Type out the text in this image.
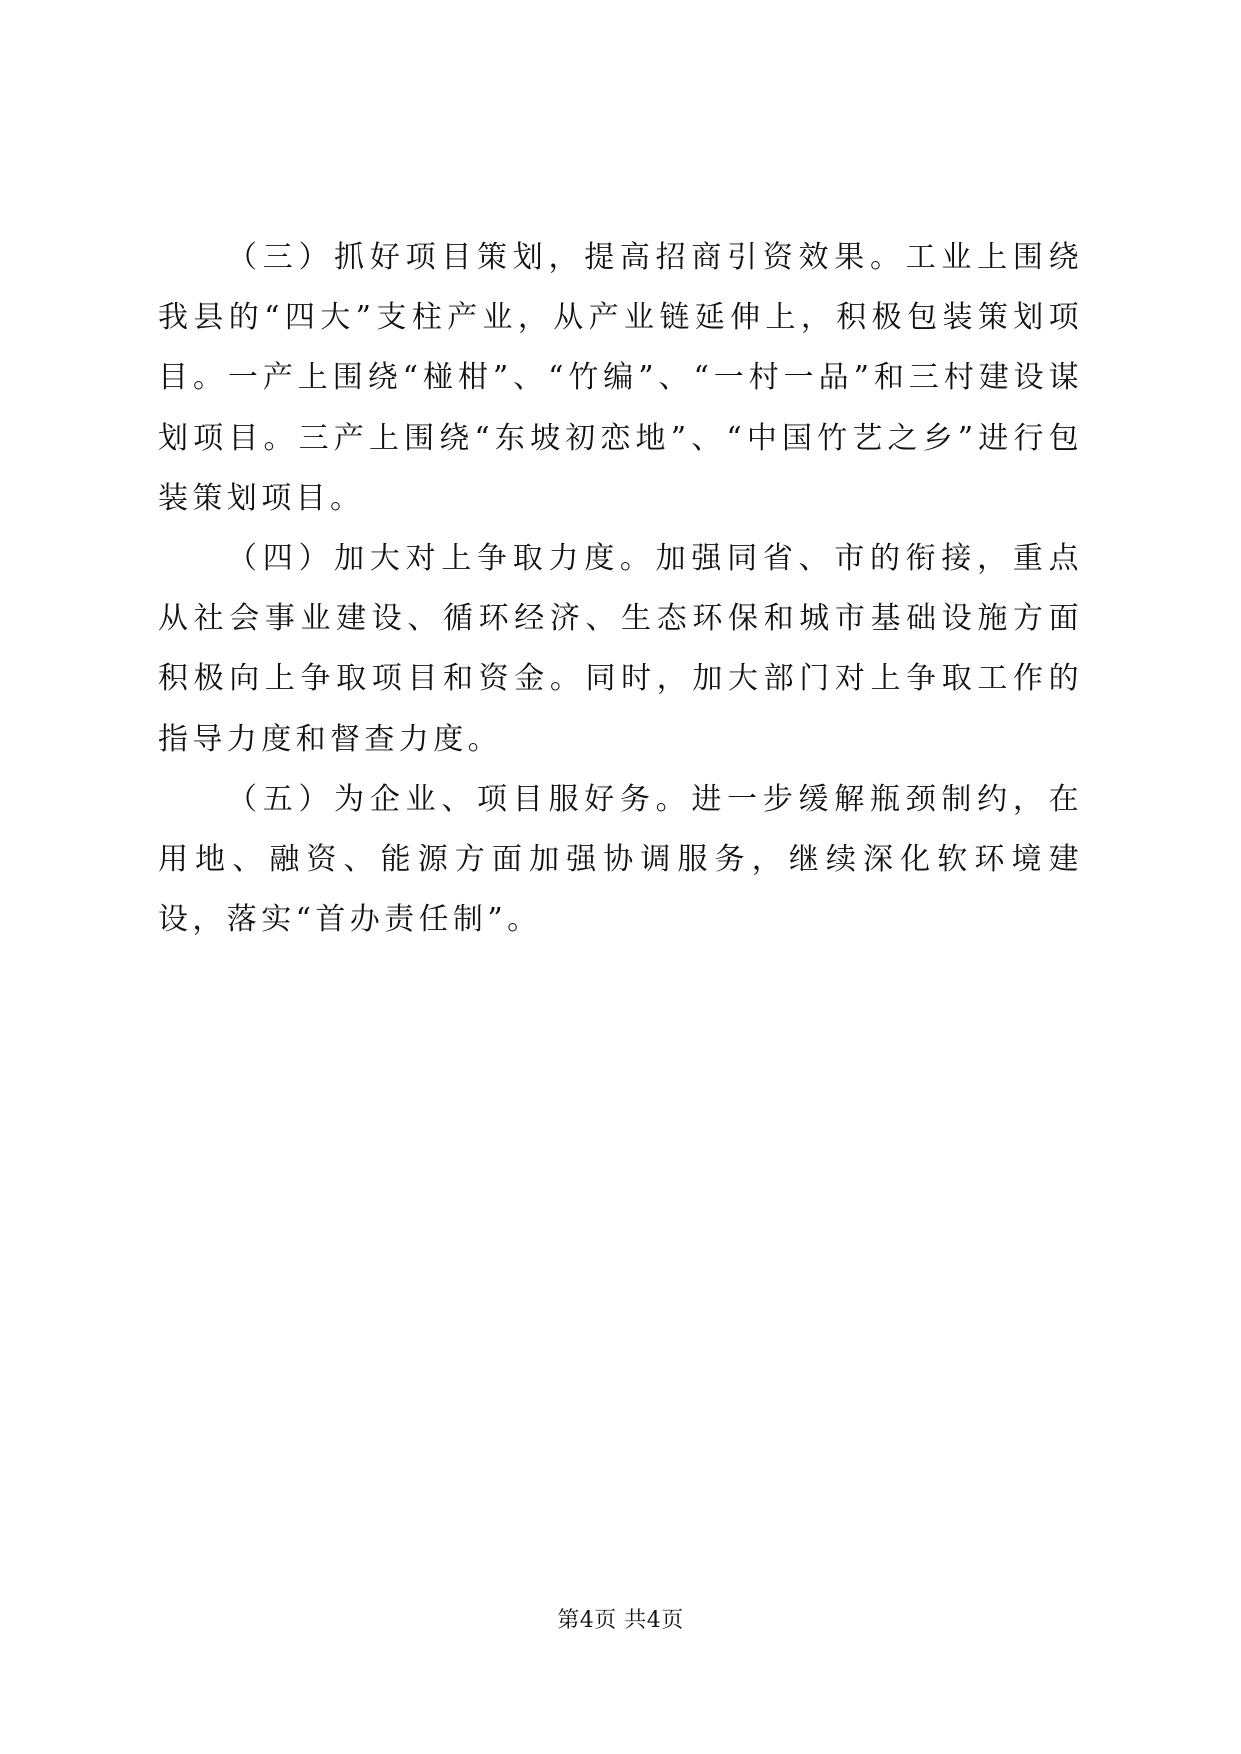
（三）抓好项目策划，提高招商引资效果。工业上围绕我县的“四大”支柱产业，从产业链延伸上，积极包装策划项目。一产上围绕“椪柑”、“竹编”、“一村一品”和三村建设谋划项目。三产上围绕“东坡初恋地”、“中国竹艺之乡”进行包装策划项目。

（四）加大对上争取力度。加强同省、市的衔接，重点从社会事业建设、循环经济、生态环保和城市基础设施方面积极向上争取项目和资金。同时，加大部门对上争取工作的指导力度和督查力度。

（五）为企业、项目服好务。进一步缓解瓶颈制约，在用地、融资、能源方面加强协调服务，继续深化软环境建设，落实“首办责任制”。

第4页 共4页
